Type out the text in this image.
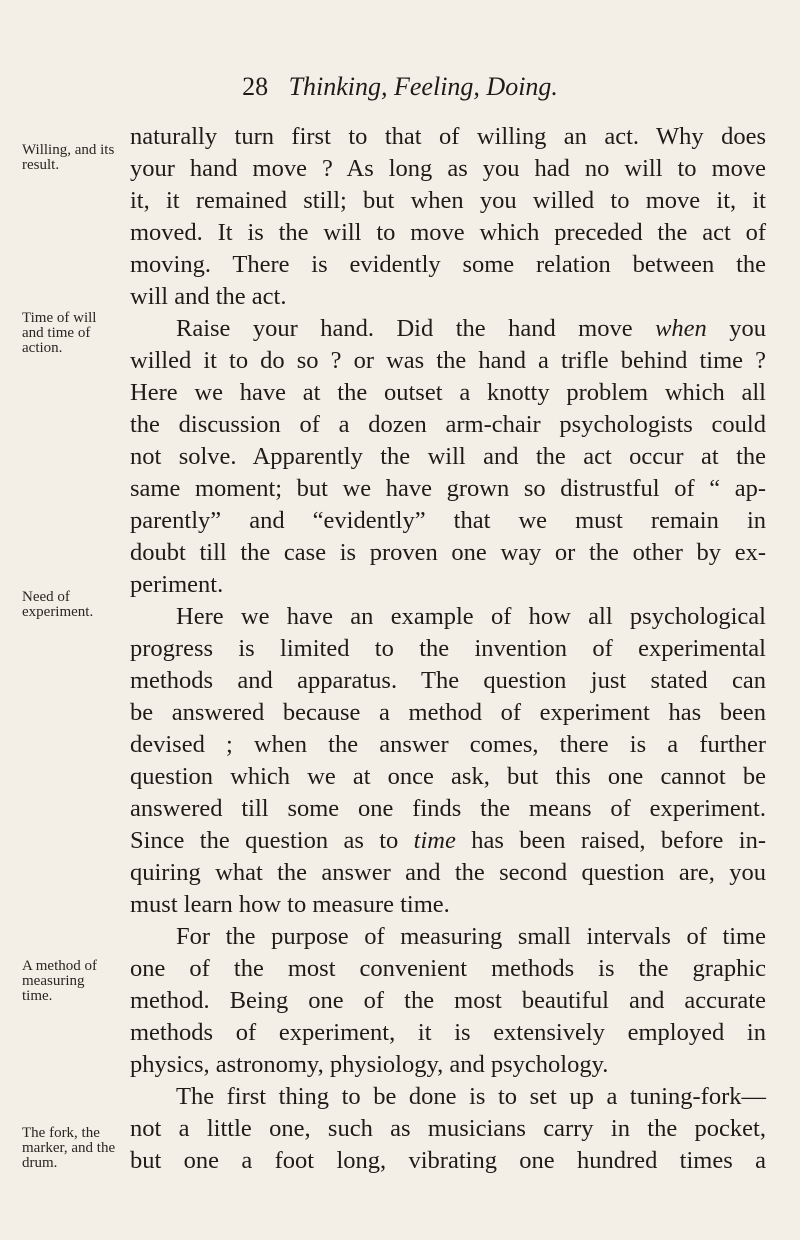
28 Thinking, Feeling, Doing.
Willing, and its
result.
Time of will
and time of
action.
Need of
experiment.
A method of
measuring
time.
The fork, the
marker, and the
drum.
naturally turn first to that of willing an act. Why does
your hand move ? As long as you had no will to move
it, it remained still; but when you willed to move it, it
moved. It is the will to move which preceded the act of
moving. There is evidently some relation between the
will and the act.
Raise your hand. Did the hand move when you
willed it to do so ? or was the hand a trifle behind time ?
Here we have at the outset a knotty problem which all
the discussion of a dozen arm-chair psychologists could
not solve. Apparently the will and the act occur at the
same moment; but we have grown so distrustful of “ ap-
parently” and “evidently” that we must remain in
doubt till the case is proven one way or the other by ex-
periment.
Here we have an example of how all psychological
progress is limited to the invention of experimental
methods and apparatus. The question just stated can
be answered because a method of experiment has been
devised ; when the answer comes, there is a further
question which we at once ask, but this one cannot be
answered till some one finds the means of experiment.
Since the question as to time has been raised, before in-
quiring what the answer and the second question are, you
must learn how to measure time.
For the purpose of measuring small intervals of time
one of the most convenient methods is the graphic
method. Being one of the most beautiful and accurate
methods of experiment, it is extensively employed in
physics, astronomy, physiology, and psychology.
The first thing to be done is to set up a tuning-fork—
not a little one, such as musicians carry in the pocket,
but one a foot long, vibrating one hundred times a
